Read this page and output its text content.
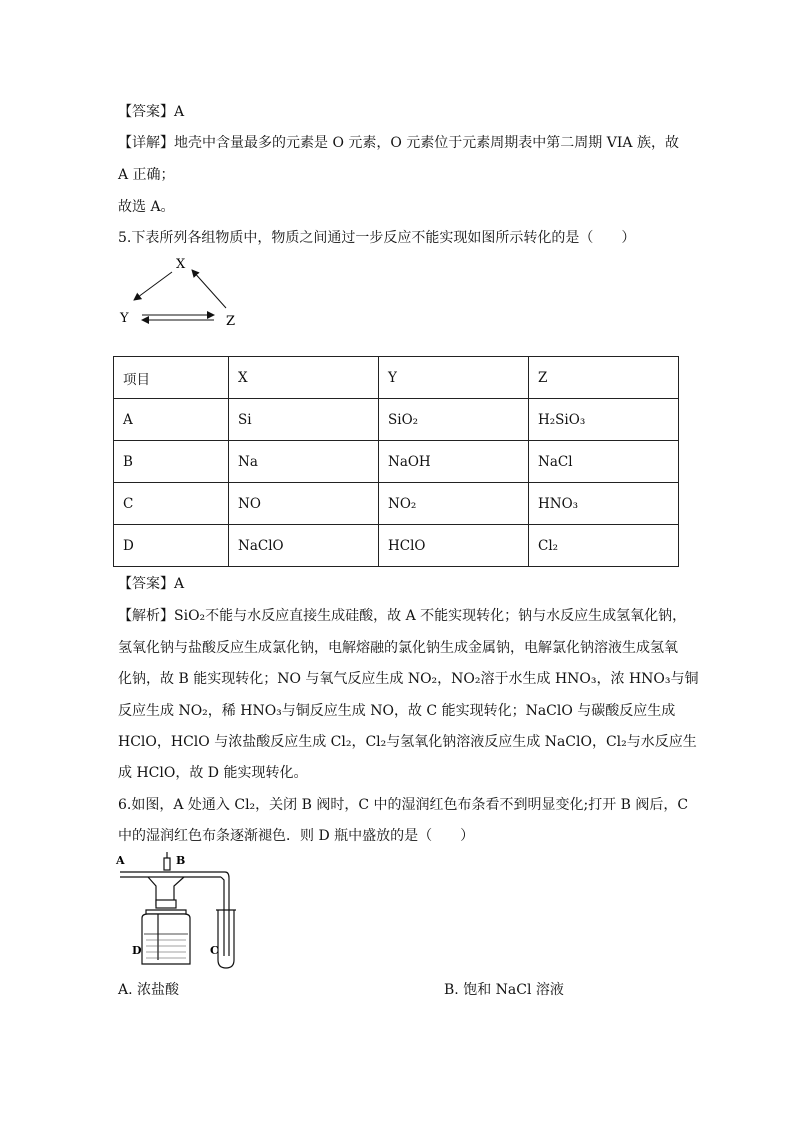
【答案】A
【详解】地壳中含量最多的元素是 O 元素，O 元素位于元素周期表中第二周期 VIA 族，故
A 正确；
故选 A。
5.下表所列各组物质中，物质之间通过一步反应不能实现如图所示转化的是（　　）
X
Y	Z
项目	X	Y	Z
A	Si	SiO₂	H₂SiO₃
B	Na	NaOH	NaCl
C	NO	NO₂	HNO₃
D	NaClO	HClO	Cl₂
【答案】A
【解析】SiO₂不能与水反应直接生成硅酸，故 A 不能实现转化；钠与水反应生成氢氧化钠，
氢氧化钠与盐酸反应生成氯化钠，电解熔融的氯化钠生成金属钠，电解氯化钠溶液生成氢氧
化钠，故 B 能实现转化；NO 与氧气反应生成 NO₂，NO₂溶于水生成 HNO₃，浓 HNO₃与铜
反应生成 NO₂，稀 HNO₃与铜反应生成 NO，故 C 能实现转化；NaClO 与碳酸反应生成
HClO，HClO 与浓盐酸反应生成 Cl₂，Cl₂与氢氧化钠溶液反应生成 NaClO，Cl₂与水反应生
成 HClO，故 D 能实现转化。
6.如图，A 处通入 Cl₂，关闭 B 阀时，C 中的湿润红色布条看不到明显变化;打开 B 阀后，C
中的湿润红色布条逐渐褪色．则 D 瓶中盛放的是（　　）
A	B
D	C
A. 浓盐酸	B. 饱和 NaCl 溶液
